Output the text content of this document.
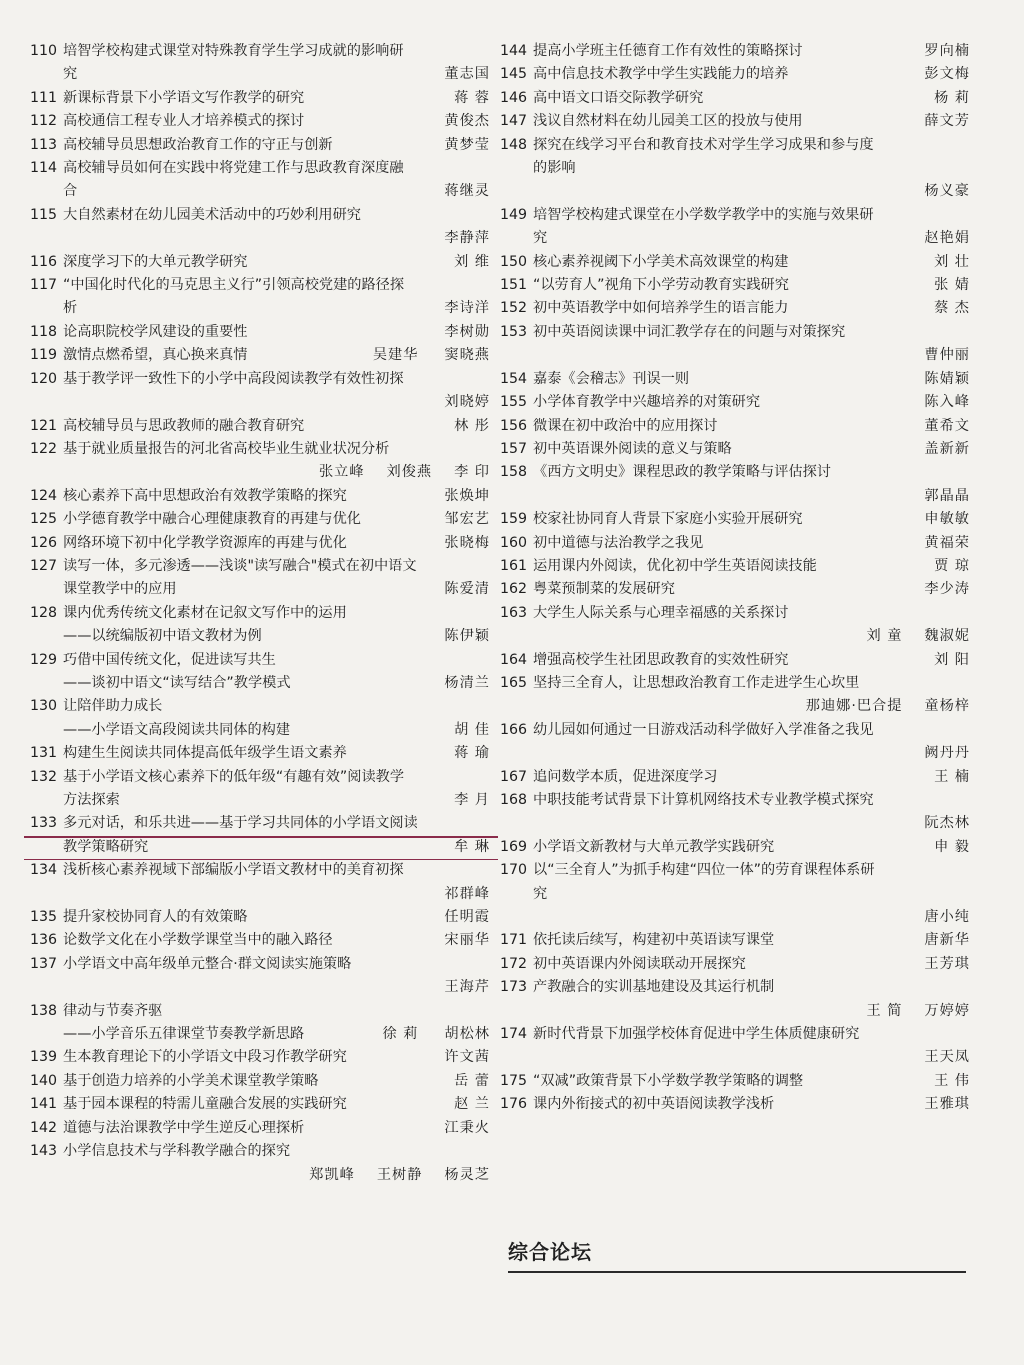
110 培智学校构建式课堂对特殊教育学生学习成就的影响研
究	董志国
111 新课标背景下小学语文写作教学的研究	蒋 蓉
112 高校通信工程专业人才培养模式的探讨	黄俊杰
113 高校辅导员思想政治教育工作的守正与创新	黄梦莹
114 高校辅导员如何在实践中将党建工作与思政教育深度融
合	蒋继灵
115 大自然素材在幼儿园美术活动中的巧妙利用研究
李静萍
116 深度学习下的大单元教学研究	刘 维
117 “中国化时代化的马克思主义行”引领高校党建的路径探
析	李诗洋
118 论高职院校学风建设的重要性	李树勋
119 激情点燃希望，真心换来真情	吴建华 窦晓燕
120 基于教学评一致性下的小学中高段阅读教学有效性初探
刘晓婷
121 高校辅导员与思政教师的融合教育研究	林 彤
122 基于就业质量报告的河北省高校毕业生就业状况分析
张立峰 刘俊燕 李 印
124 核心素养下高中思想政治有效教学策略的探究	张焕坤
125 小学德育教学中融合心理健康教育的再建与优化	邹宏艺
126 网络环境下初中化学教学资源库的再建与优化	张晓梅
127 读写一体，多元渗透——浅谈"读写融合"模式在初中语文
课堂教学中的应用	陈爱清
128 课内优秀传统文化素材在记叙文写作中的运用
——以统编版初中语文教材为例	陈伊颖
129 巧借中国传统文化，促进读写共生
——谈初中语文“读写结合”教学模式	杨清兰
130 让陪伴助力成长
——小学语文高段阅读共同体的构建	胡 佳
131 构建生生阅读共同体提高低年级学生语文素养	蒋 瑜
132 基于小学语文核心素养下的低年级“有趣有效”阅读教学
方法探索	李 月
133 多元对话，和乐共进——基于学习共同体的小学语文阅读
教学策略研究	牟 琳
134 浅析核心素养视域下部编版小学语文教材中的美育初探
祁群峰
135 提升家校协同育人的有效策略	任明霞
136 论数学文化在小学数学课堂当中的融入路径	宋丽华
137 小学语文中高年级单元整合·群文阅读实施策略
王海芹
138 律动与节奏齐驱
——小学音乐五律课堂节奏教学新思路	徐 莉 胡松林
139 生本教育理论下的小学语文中段习作教学研究	许文茜
140 基于创造力培养的小学美术课堂教学策略	岳 蕾
141 基于园本课程的特需儿童融合发展的实践研究	赵 兰
142 道德与法治课教学中学生逆反心理探析	江秉火
143 小学信息技术与学科教学融合的探究
郑凯峰 王树静 杨灵芝
144 提高小学班主任德育工作有效性的策略探讨	罗向楠
145 高中信息技术教学中学生实践能力的培养	彭文梅
146 高中语文口语交际教学研究	杨 莉
147 浅议自然材料在幼儿园美工区的投放与使用	薛文芳
148 探究在线学习平台和教育技术对学生学习成果和参与度
的影响
杨义豪
149 培智学校构建式课堂在小学数学教学中的实施与效果研
究	赵艳娟
150 核心素养视阈下小学美术高效课堂的构建	刘 壮
151 “以劳育人”视角下小学劳动教育实践研究	张 婧
152 初中英语教学中如何培养学生的语言能力	蔡 杰
153 初中英语阅读课中词汇教学存在的问题与对策探究
曹仲丽
154 嘉泰《会稽志》刊误一则	陈婧颖
155 小学体育教学中兴趣培养的对策研究	陈入峰
156 微课在初中政治中的应用探讨	董希文
157 初中英语课外阅读的意义与策略	盖新新
158 《西方文明史》课程思政的教学策略与评估探讨
郭晶晶
159 校家社协同育人背景下家庭小实验开展研究	申敏敏
160 初中道德与法治教学之我见	黄福荣
161 运用课内外阅读，优化初中学生英语阅读技能	贾 琼
162 粤菜预制菜的发展研究	李少涛
163 大学生人际关系与心理幸福感的关系探讨
刘 童 魏淑妮
164 增强高校学生社团思政教育的实效性研究	刘 阳
165 坚持三全育人，让思想政治教育工作走进学生心坎里
那迪娜·巴合提 童杨梓
166 幼儿园如何通过一日游戏活动科学做好入学准备之我见
阙丹丹
167 追问数学本质，促进深度学习	王 楠
168 中职技能考试背景下计算机网络技术专业教学模式探究
阮杰林
169 小学语文新教材与大单元教学实践研究	申 毅
170 以“三全育人”为抓手构建“四位一体”的劳育课程体系研
究
唐小纯
171 依托读后续写，构建初中英语读写课堂	唐新华
172 初中英语课内外阅读联动开展探究	王芳琪
173 产教融合的实训基地建设及其运行机制
王 简 万婷婷
174 新时代背景下加强学校体育促进中学生体质健康研究
王天凤
175 “双减”政策背景下小学数学教学策略的调整	王 伟
176 课内外衔接式的初中英语阅读教学浅析	王雅琪
综合论坛
